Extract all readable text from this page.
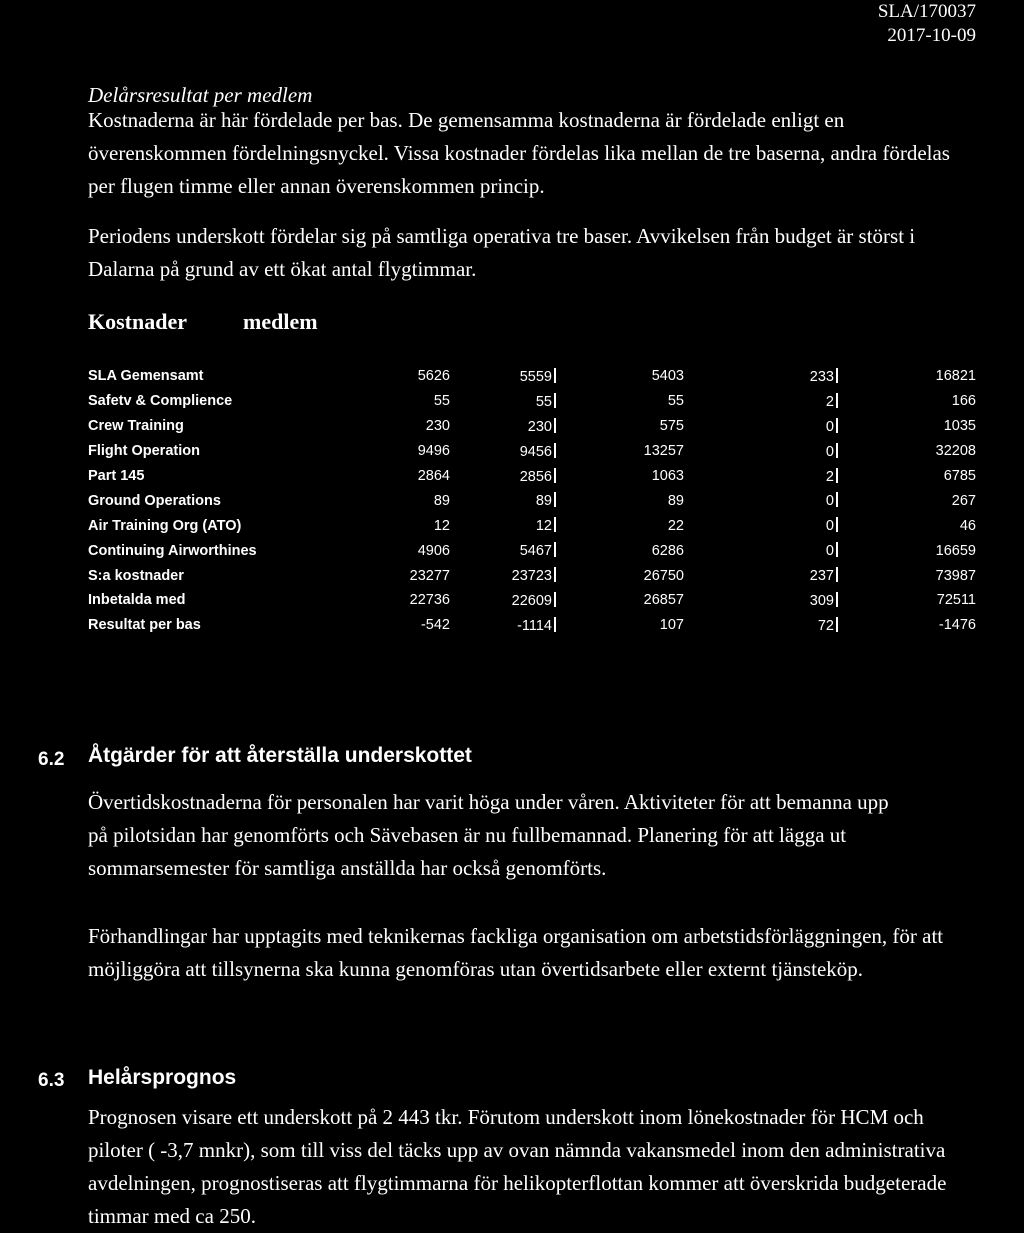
SLA/170037
2017-10-09
Delårsresultat per medlem
Kostnaderna är här fördelade per bas. De gemensamma kostnaderna är fördelade enligt en överenskommen fördelningsnyckel. Vissa kostnader fördelas lika mellan de tre baserna, andra fördelas per flugen timme eller annan överenskommen princip.
Periodens underskott fördelar sig på samtliga operativa tre baser. Avvikelsen från budget är störst i Dalarna på grund av ett ökat antal flygtimmar.
Kostnader	medlem
SLA Gemensamt	5626	5559	5403	233	16821
Safetv & Complience	55	55	55	2	166
Crew Training	230	230	575	0	1035
Flight Operation	9496	9456	13257	0	32208
Part 145	2864	2856	1063	2	6785
Ground Operations	89	89	89	0	267
Air Training Org (ATO)	12	12	22	0	46
Continuing Airworthines	4906	5467	6286	0	16659
S:a kostnader	23277	23723	26750	237	73987
Inbetalda med	22736	22609	26857	309	72511
Resultat per bas	-542	-1114	107	72	-1476
6.2 Åtgärder för att återställa underskottet
Övertidskostnaderna för personalen har varit höga under våren. Aktiviteter för att bemanna upp på pilotsidan har genomförts och Sävebasen är nu fullbemannad. Planering för att lägga ut sommarsemester för samtliga anställda har också genomförts.
Förhandlingar har upptagits med teknikernas fackliga organisation om arbetstidsförläggningen, för att möjliggöra att tillsynerna ska kunna genomföras utan övertidsarbete eller externt tjänsteköp.
6.3 Helårsprognos
Prognosen visare ett underskott på 2 443 tkr. Förutom underskott inom lönekostnader för HCM och piloter ( -3,7 mnkr), som till viss del täcks upp av ovan nämnda vakansmedel inom den administrativa avdelningen, prognostiseras att flygtimmarna för helikopterflottan kommer att överskrida budgeterade timmar med ca 250.
